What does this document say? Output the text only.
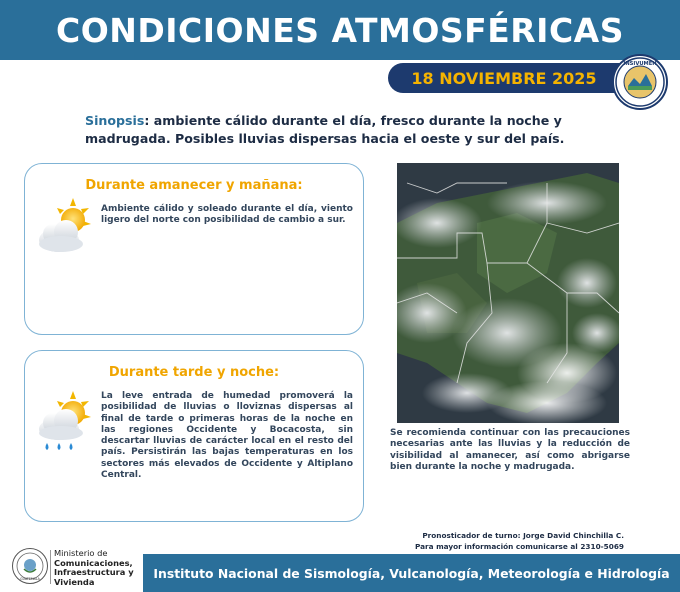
CONDICIONES ATMOSFÉRICAS
18 NOVIEMBRE 2025
INSIVUMEH

Sinopsis: ambiente cálido durante el día, fresco durante la noche y madrugada. Posibles lluvias dispersas hacia el oeste y sur del país.

Durante amanecer y mañana:

Ambiente cálido y soleado durante el día, viento ligero del norte con posibilidad de cambio a sur.

Durante tarde y noche:

La leve entrada de humedad promoverá la posibilidad de lluvias o lloviznas dispersas al final de tarde o primeras horas de la noche en las regiones Occidente y Bocacosta, sin descartar lluvias de carácter local en el resto del país. Persistirán las bajas temperaturas en los sectores más elevados de Occidente y Altiplano Central.

Se recomienda continuar con las precauciones necesarias ante las lluvias y la reducción de visibilidad al amanecer, así como abrigarse bien durante la noche y madrugada.

Pronosticador de turno: Jorge David Chinchilla C.
Para mayor información comunicarse al 2310-5069
GUATEMALA
Ministerio de
Comunicaciones, Infraestructura y Vivienda
Instituto Nacional de Sismología, Vulcanología, Meteorología e Hidrología
